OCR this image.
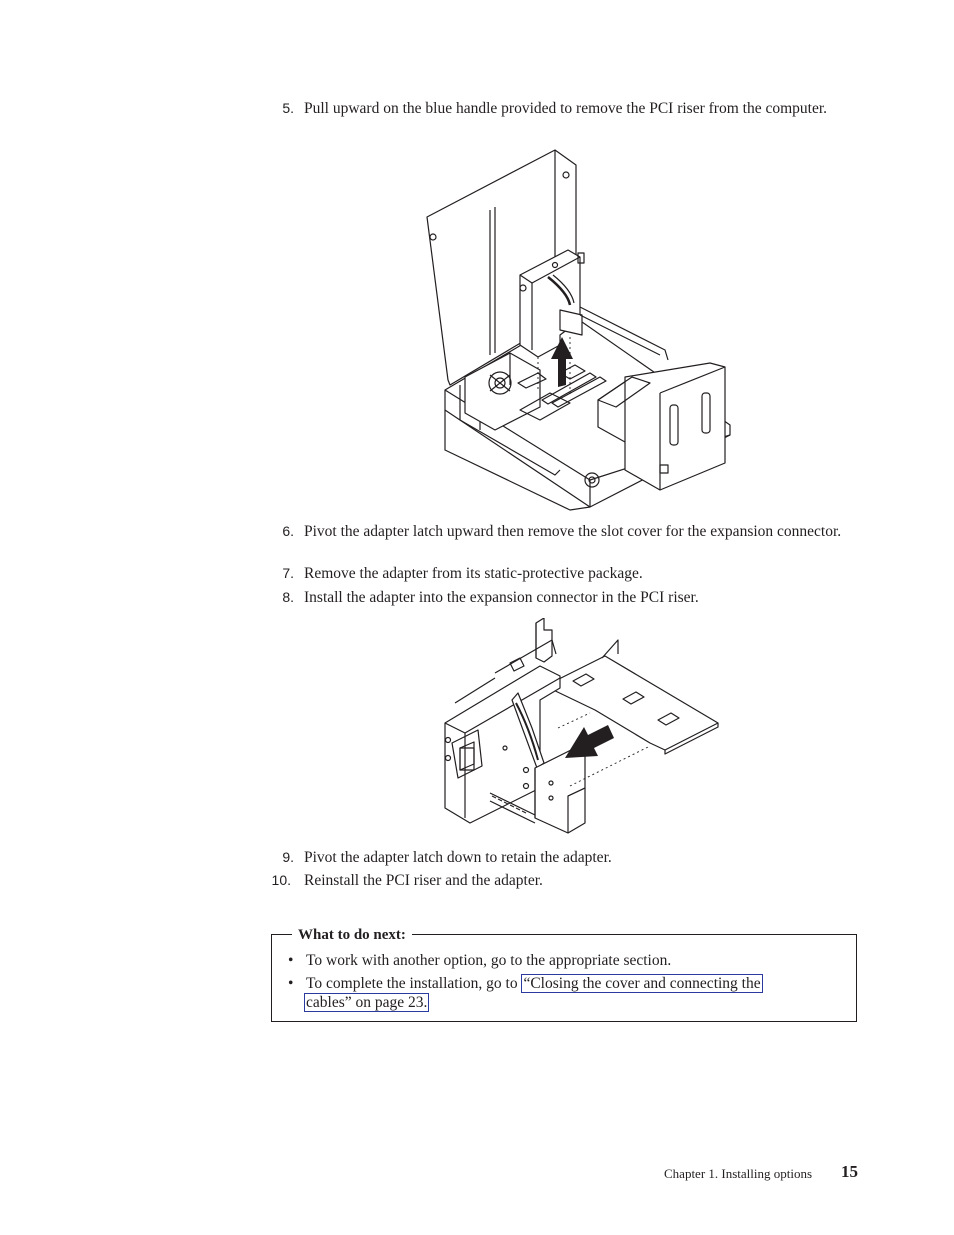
5. Pull upward on the blue handle provided to remove the PCI riser from the computer.
6. Pivot the adapter latch upward then remove the slot cover for the expansion connector.
7. Remove the adapter from its static-protective package.
8. Install the adapter into the expansion connector in the PCI riser.
9. Pivot the adapter latch down to retain the adapter.
10. Reinstall the PCI riser and the adapter.
What to do next:
• To work with another option, go to the appropriate section.
• To complete the installation, go to “Closing the cover and connecting the
cables” on page 23.
Chapter 1. Installing options 15
